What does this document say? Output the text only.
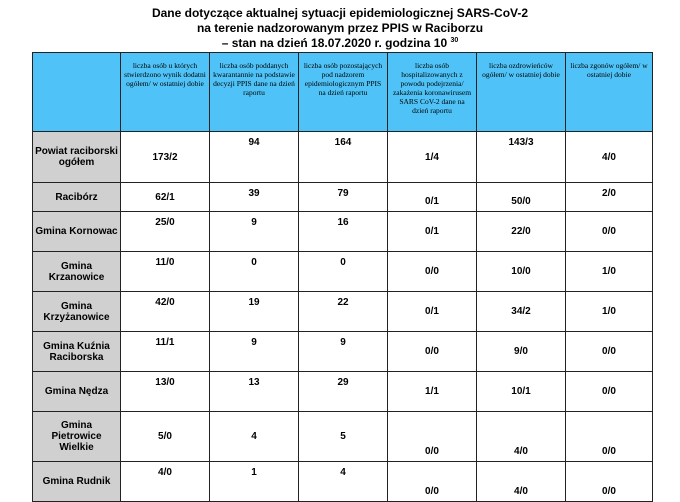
Dane dotyczące aktualnej sytuacji epidemiologicznej SARS-CoV-2
na terenie nadzorowanym przez PPIS w Raciborzu
– stan na dzień 18.07.2020 r. godzina 10 $^{30}$
	liczba osób u których stwierdzono wynik dodatni ogółem/ w ostatniej dobie	liczba osób poddanych kwarantannie na podstawie decyzji PPIS dane na dzień raportu	liczba osób pozostających pod nadzorem epidemiologicznym PPIS na dzień raportu	liczba osób hospitalizowanych z powodu podejrzenia/ zakażenia koronawirusem SARS CoV-2 dane na dzień raportu	liczba ozdrowieńców ogółem/ w ostatniej dobie	liczba zgonów ogółem/ w ostatniej dobie
Powiat raciborski ogółem	173/2	94	164	1/4	143/3	4/0
Racibórz	62/1	39	79	0/1	50/0	2/0
Gmina Kornowac	25/0	9	16	0/1	22/0	0/0
Gmina Krzanowice	11/0	0	0	0/0	10/0	1/0
Gmina Krzyżanowice	42/0	19	22	0/1	34/2	1/0
Gmina Kuźnia Raciborska	11/1	9	9	0/0	9/0	0/0
Gmina Nędza	13/0	13	29	1/1	10/1	0/0
Gmina Pietrowice Wielkie	5/0	4	5	0/0	4/0	0/0
Gmina Rudnik	4/0	1	4	0/0	4/0	0/0
